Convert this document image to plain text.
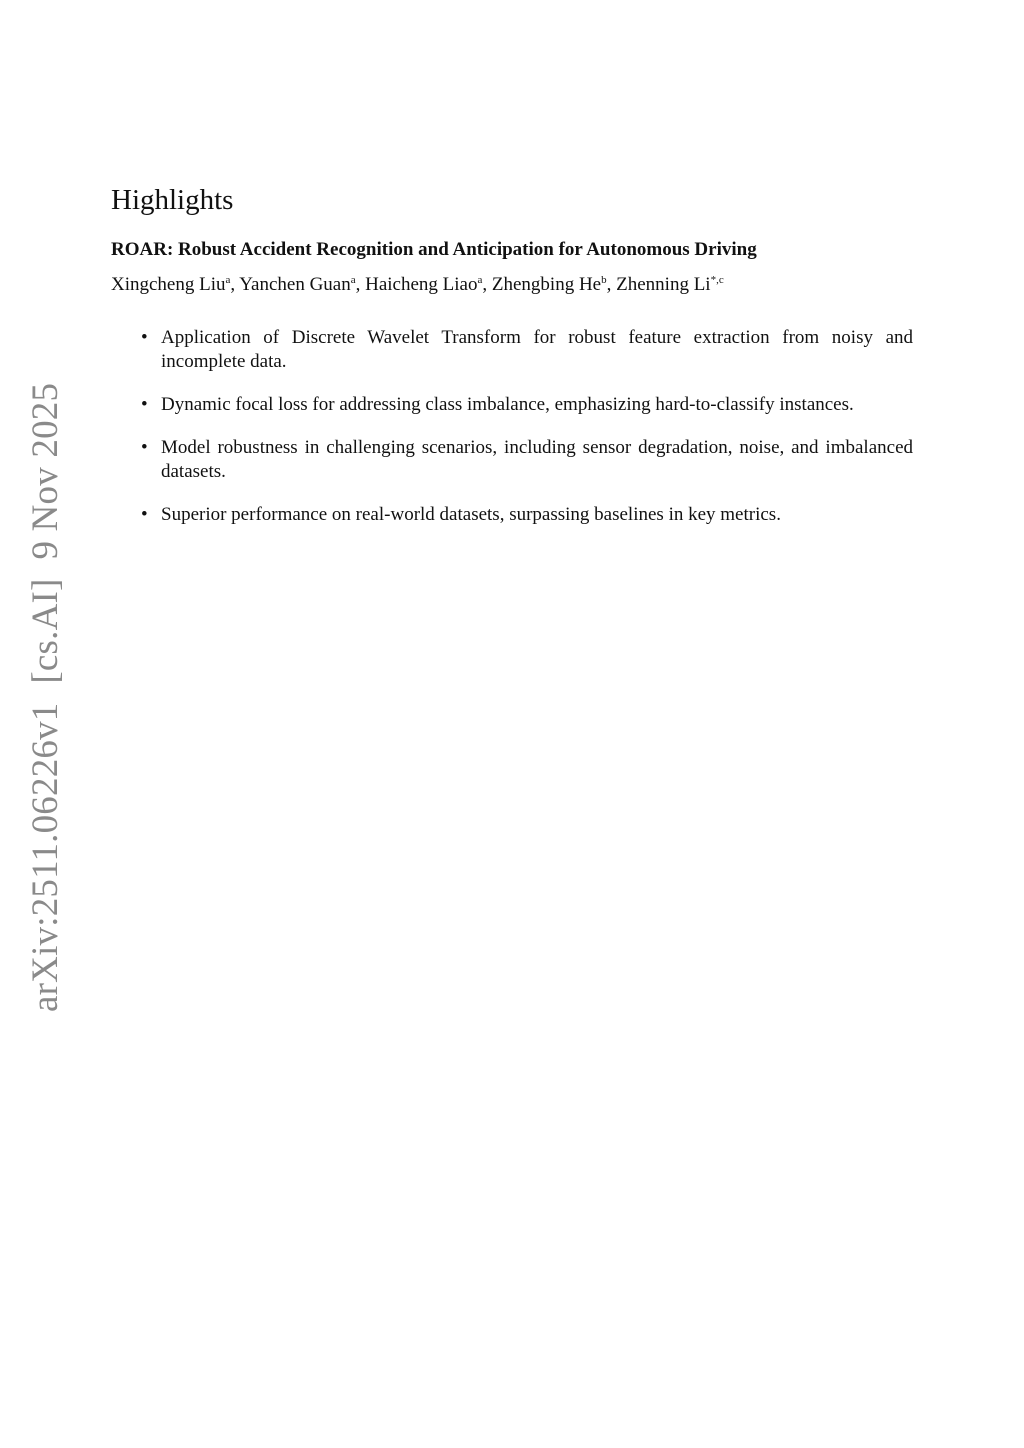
arXiv:2511.06226v1  [cs.AI]  9 Nov 2025
Highlights
ROAR: Robust Accident Recognition and Anticipation for Autonomous Driving
Xingcheng Liu$^a$, Yanchen Guan$^a$, Haicheng Liao$^a$, Zhengbing He$^b$, Zhenning $Li^{*,c}$
• Application of Discrete Wavelet Transform for robust feature extraction from noisy and incomplete data.
• Dynamic focal loss for addressing class imbalance, emphasizing hard-to-classify instances.
• Model robustness in challenging scenarios, including sensor degradation, noise, and imbalanced datasets.
• Superior performance on real-world datasets, surpassing baselines in key metrics.
